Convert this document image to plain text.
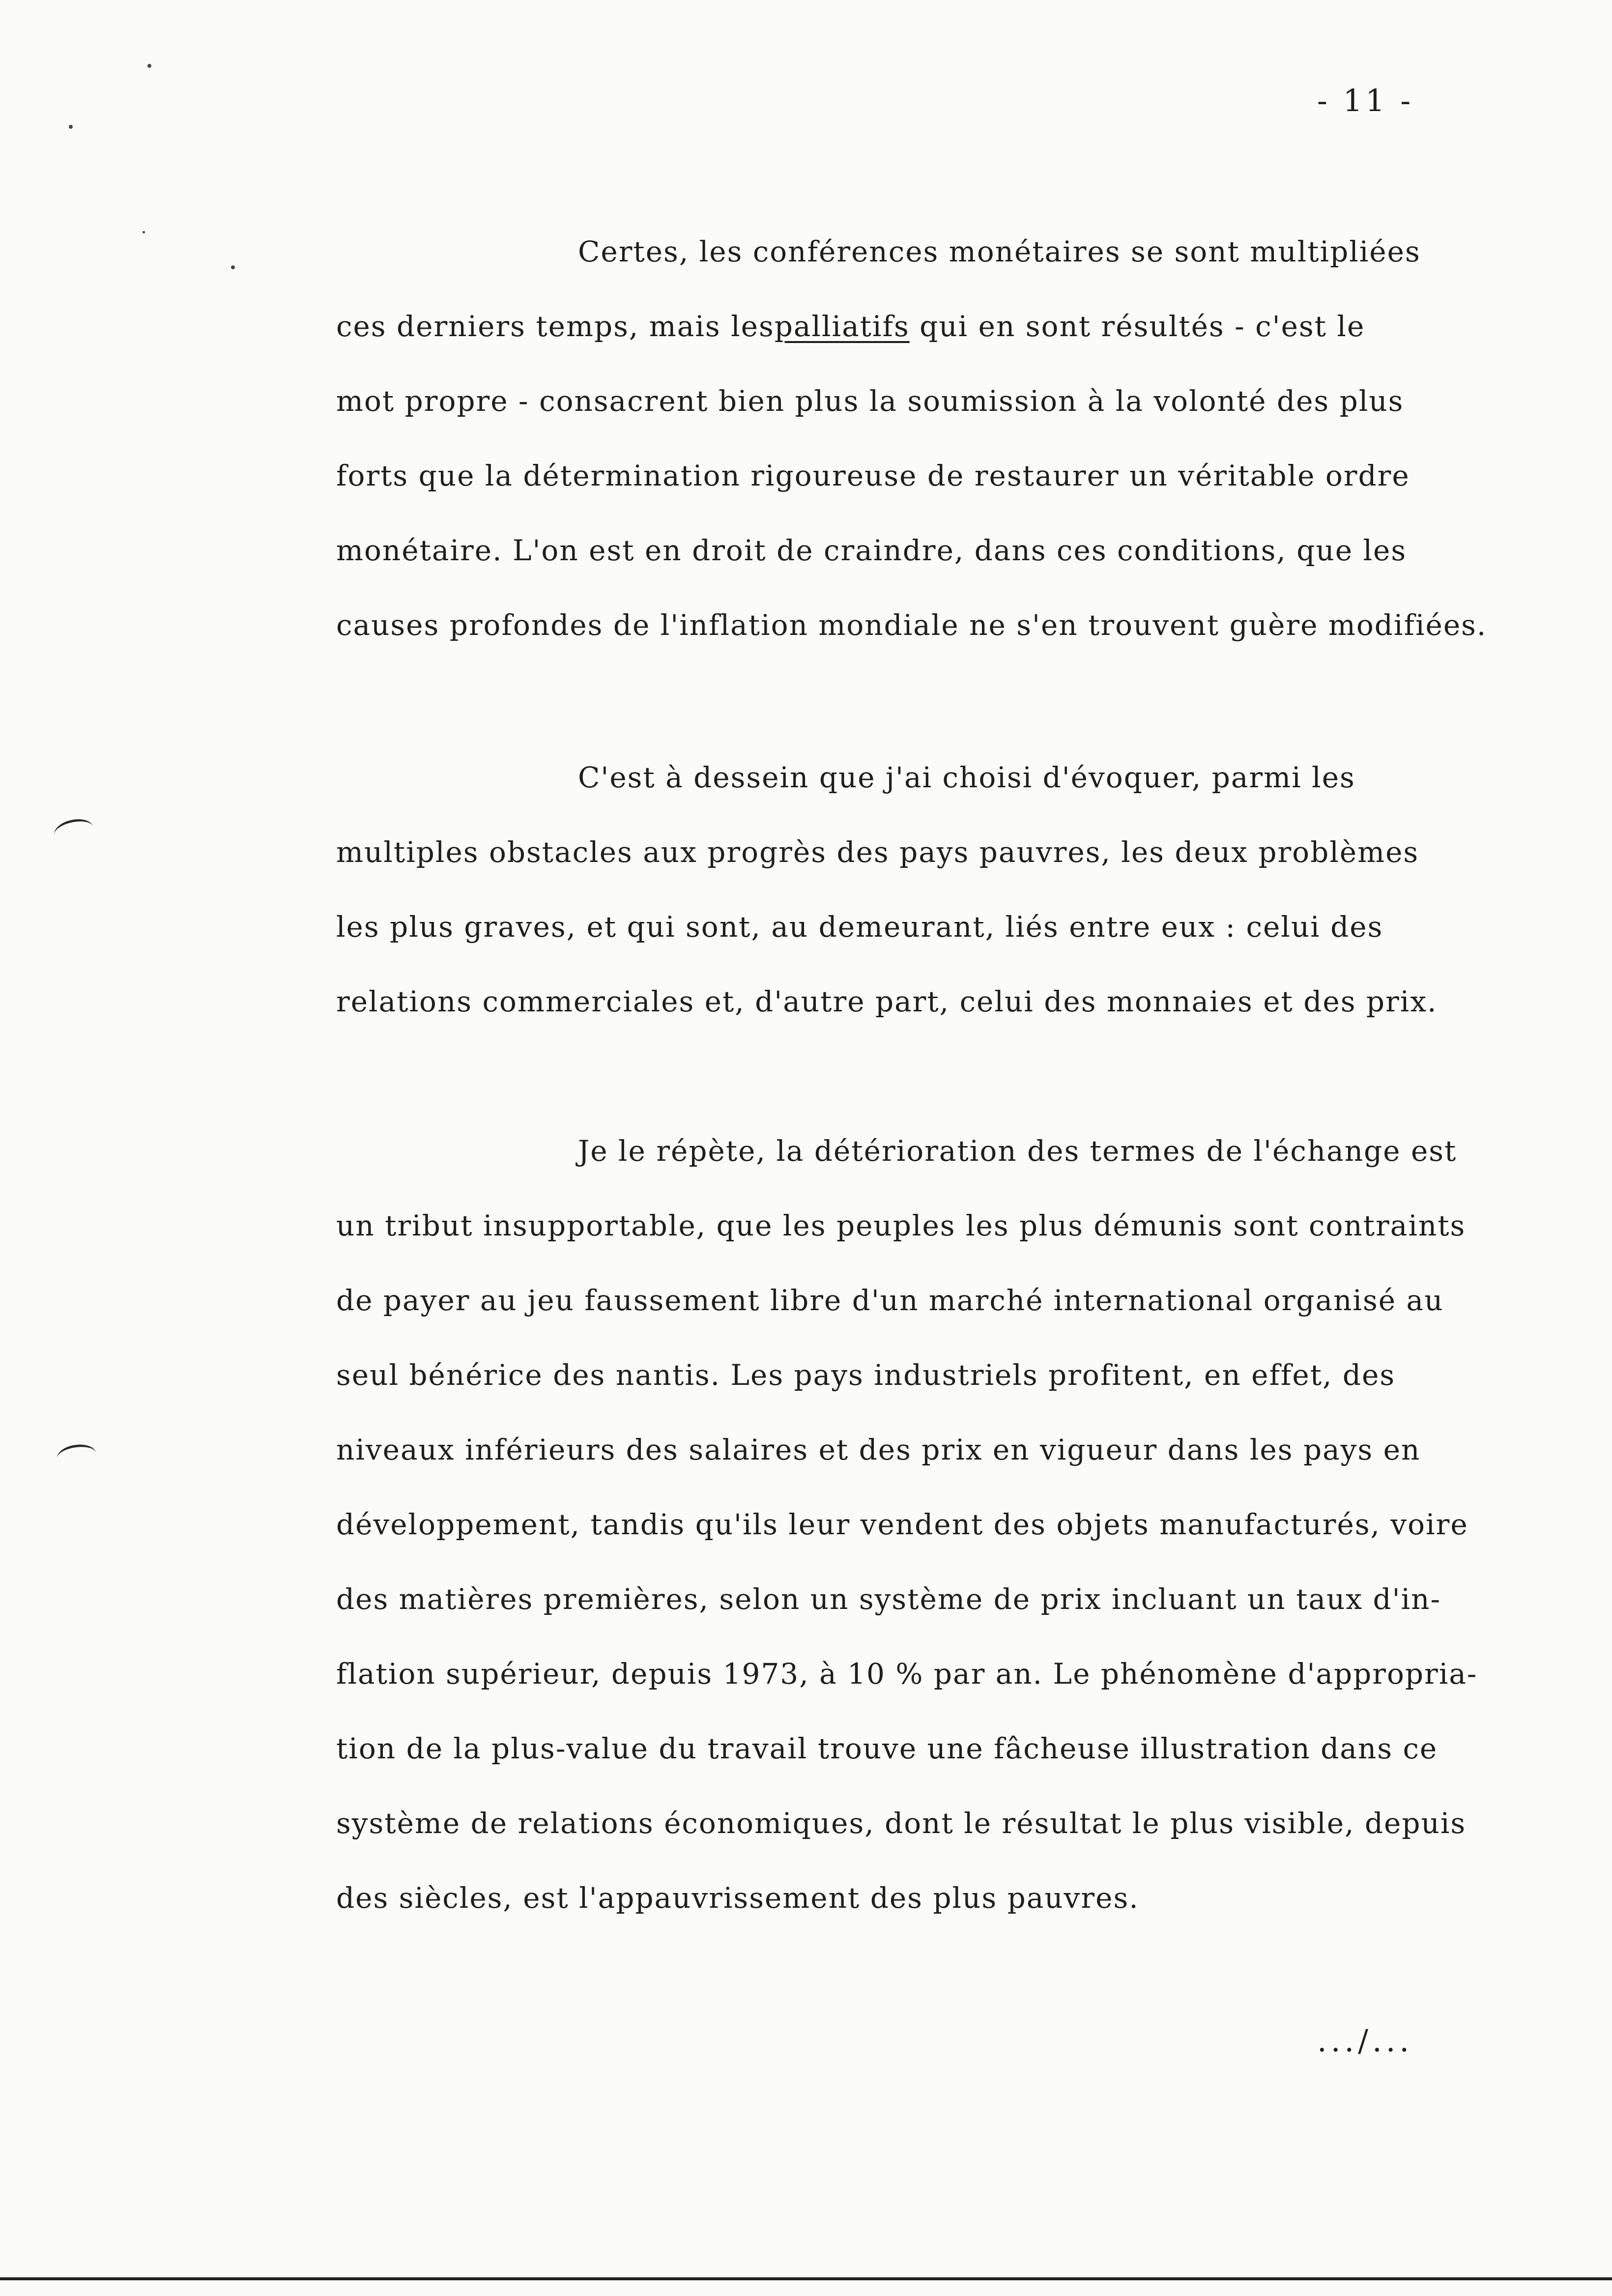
- 11 -
Certes, les conférences monétaires se sont multipliées
ces derniers temps, mais lespalliatifs qui en sont résultés - c'est le
mot propre - consacrent bien plus la soumission à la volonté des plus
forts que la détermination rigoureuse de restaurer un véritable ordre
monétaire. L'on est en droit de craindre, dans ces conditions, que les
causes profondes de l'inflation mondiale ne s'en trouvent guère modifiées.
C'est à dessein que j'ai choisi d'évoquer, parmi les
multiples obstacles aux progrès des pays pauvres, les deux problèmes
les plus graves, et qui sont, au demeurant, liés entre eux : celui des
relations commerciales et, d'autre part, celui des monnaies et des prix.
Je le répète, la détérioration des termes de l'échange est
un tribut insupportable, que les peuples les plus démunis sont contraints
de payer au jeu faussement libre d'un marché international organisé au
seul bénérice des nantis. Les pays industriels profitent, en effet, des
niveaux inférieurs des salaires et des prix en vigueur dans les pays en
développement, tandis qu'ils leur vendent des objets manufacturés, voire
des matières premières, selon un système de prix incluant un taux d'in-
flation supérieur, depuis 1973, à 10 % par an. Le phénomène d'appropria-
tion de la plus-value du travail trouve une fâcheuse illustration dans ce
système de relations économiques, dont le résultat le plus visible, depuis
des siècles, est l'appauvrissement des plus pauvres.
.../...
